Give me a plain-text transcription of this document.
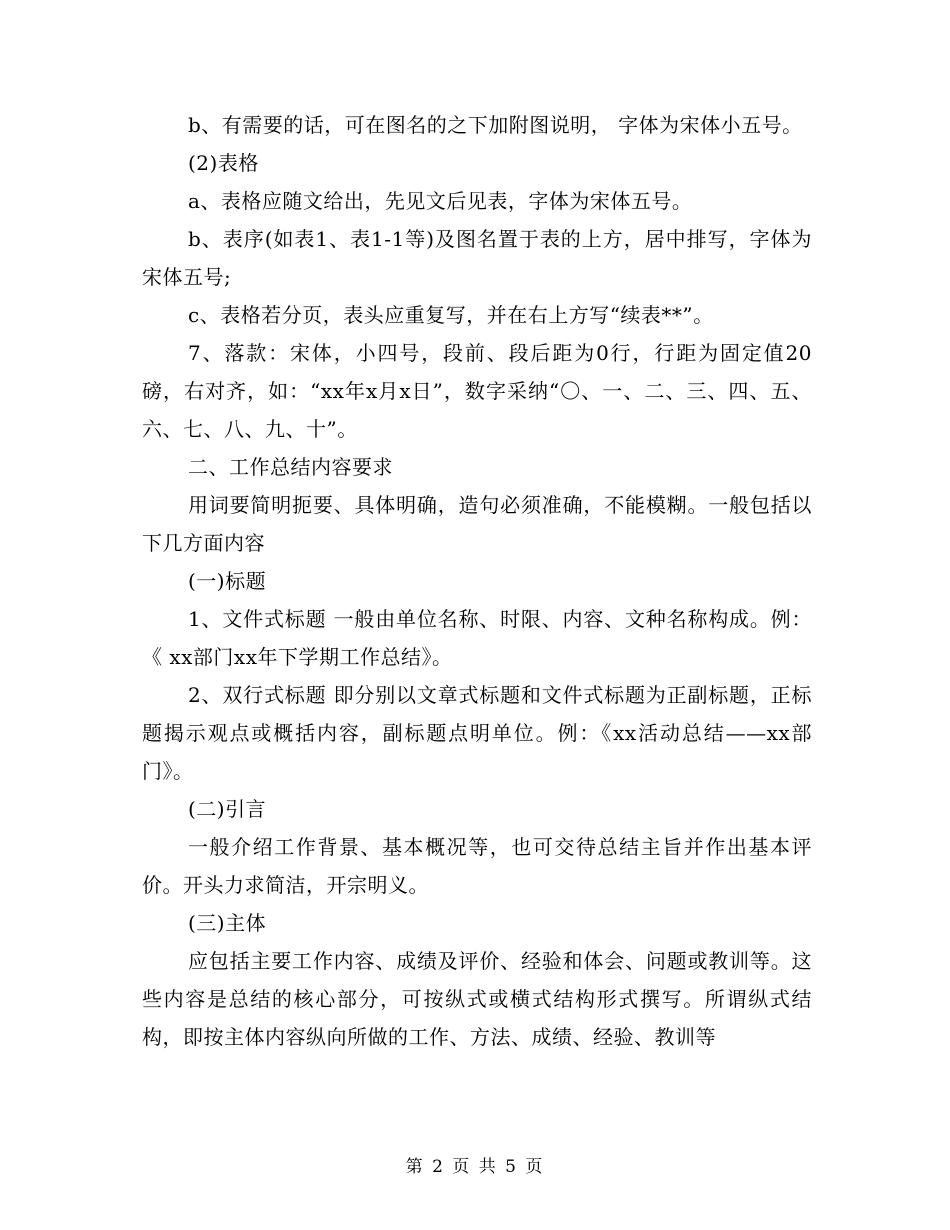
b、有需要的话，可在图名的之下加附图说明， 字体为宋体小五号。

(2)表格

a、表格应随文给出，先见文后见表，字体为宋体五号。

b、表序(如表1、表1-1等)及图名置于表的上方，居中排写，字体为宋体五号;

c、表格若分页，表头应重复写，并在右上方写“续表**”。

7、落款：宋体，小四号，段前、段后距为0行，行距为固定值20磅，右对齐，如：“xx年x月x日”，数字采纳“〇、一、二、三、四、五、六、七、八、九、十”。

二、工作总结内容要求

用词要简明扼要、具体明确，造句必须准确，不能模糊。一般包括以下几方面内容

(一)标题

1、文件式标题 一般由单位名称、时限、内容、文种名称构成。例：《 xx部门xx年下学期工作总结》。

2、双行式标题 即分别以文章式标题和文件式标题为正副标题，正标题揭示观点或概括内容，副标题点明单位。例：《xx活动总结——xx部门》。

(二)引言

一般介绍工作背景、基本概况等，也可交待总结主旨并作出基本评价。开头力求简洁，开宗明义。

(三)主体

应包括主要工作内容、成绩及评价、经验和体会、问题或教训等。这些内容是总结的核心部分，可按纵式或横式结构形式撰写。所谓纵式结构，即按主体内容纵向所做的工作、方法、成绩、经验、教训等

第 2 页 共 5 页
